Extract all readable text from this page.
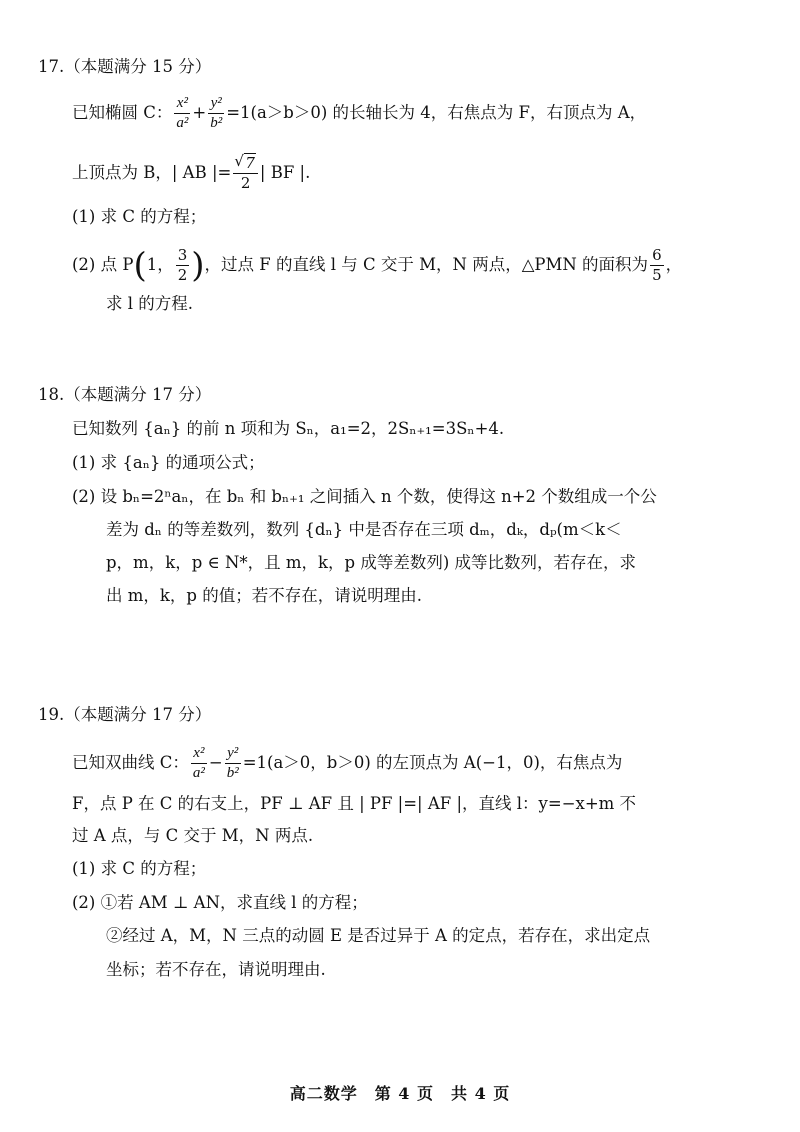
17.（本题满分 15 分）
已知椭圆 C： $\frac{\text{x²}}{\text{a²}} + \frac{\text{y²}}{\text{b²}} =1(a>b>0)$ 的长轴长为 4，右焦点为 F，右顶点为 A，
上顶点为 B，| AB |=
√ $\frac{7}{2}$ | BF |.
(1) 求 C 的方程；
(2) 点 P(1， $\frac{3}{2}$ )，过点 F 的直线 l 与 C 交于 M，N 两点，△PMN 的面积为 $\frac{6}{5}$ ，
求 l 的方程.
18.（本题满分 17 分）
已知数列 {aₙ} 的前 n 项和为 Sₙ，a₁=2，2Sₙ₊₁=3Sₙ+4.
(1) 求 {aₙ} 的通项公式；
(2) 设 bₙ=2ⁿaₙ，在 bₙ 和 bₙ₊₁ 之间插入 n 个数，使得这 n+2 个数组成一个公
差为 dₙ 的等差数列，数列 {dₙ} 中是否存在三项 dₘ，dₖ，dₚ(m＜k＜
p，m，k，p ∈ N*，且 m，k，p 成等差数列) 成等比数列，若存在，求
出 m，k，p 的值；若不存在，请说明理由.
19.（本题满分 17 分）
已知双曲线 C： $\frac{\text{x²}}{\text{a²}} - \frac{\text{y²}}{\text{b²}} =1(a>0$，b＞0) 的左顶点为 A(−1，0)，右焦点为
F，点 P 在 C 的右支上，PF ⊥ AF 且 | PF |=| AF |，直线 l：y=−x+m 不
过 A 点，与 C 交于 M，N 两点.
(1) 求 C 的方程；
(2) ①若 AM ⊥ AN，求直线 l 的方程；
②经过 A，M，N 三点的动圆 E 是否过异于 A 的定点，若存在，求出定点
坐标；若不存在，请说明理由.
高二数学　第 4 页　共 4 页
